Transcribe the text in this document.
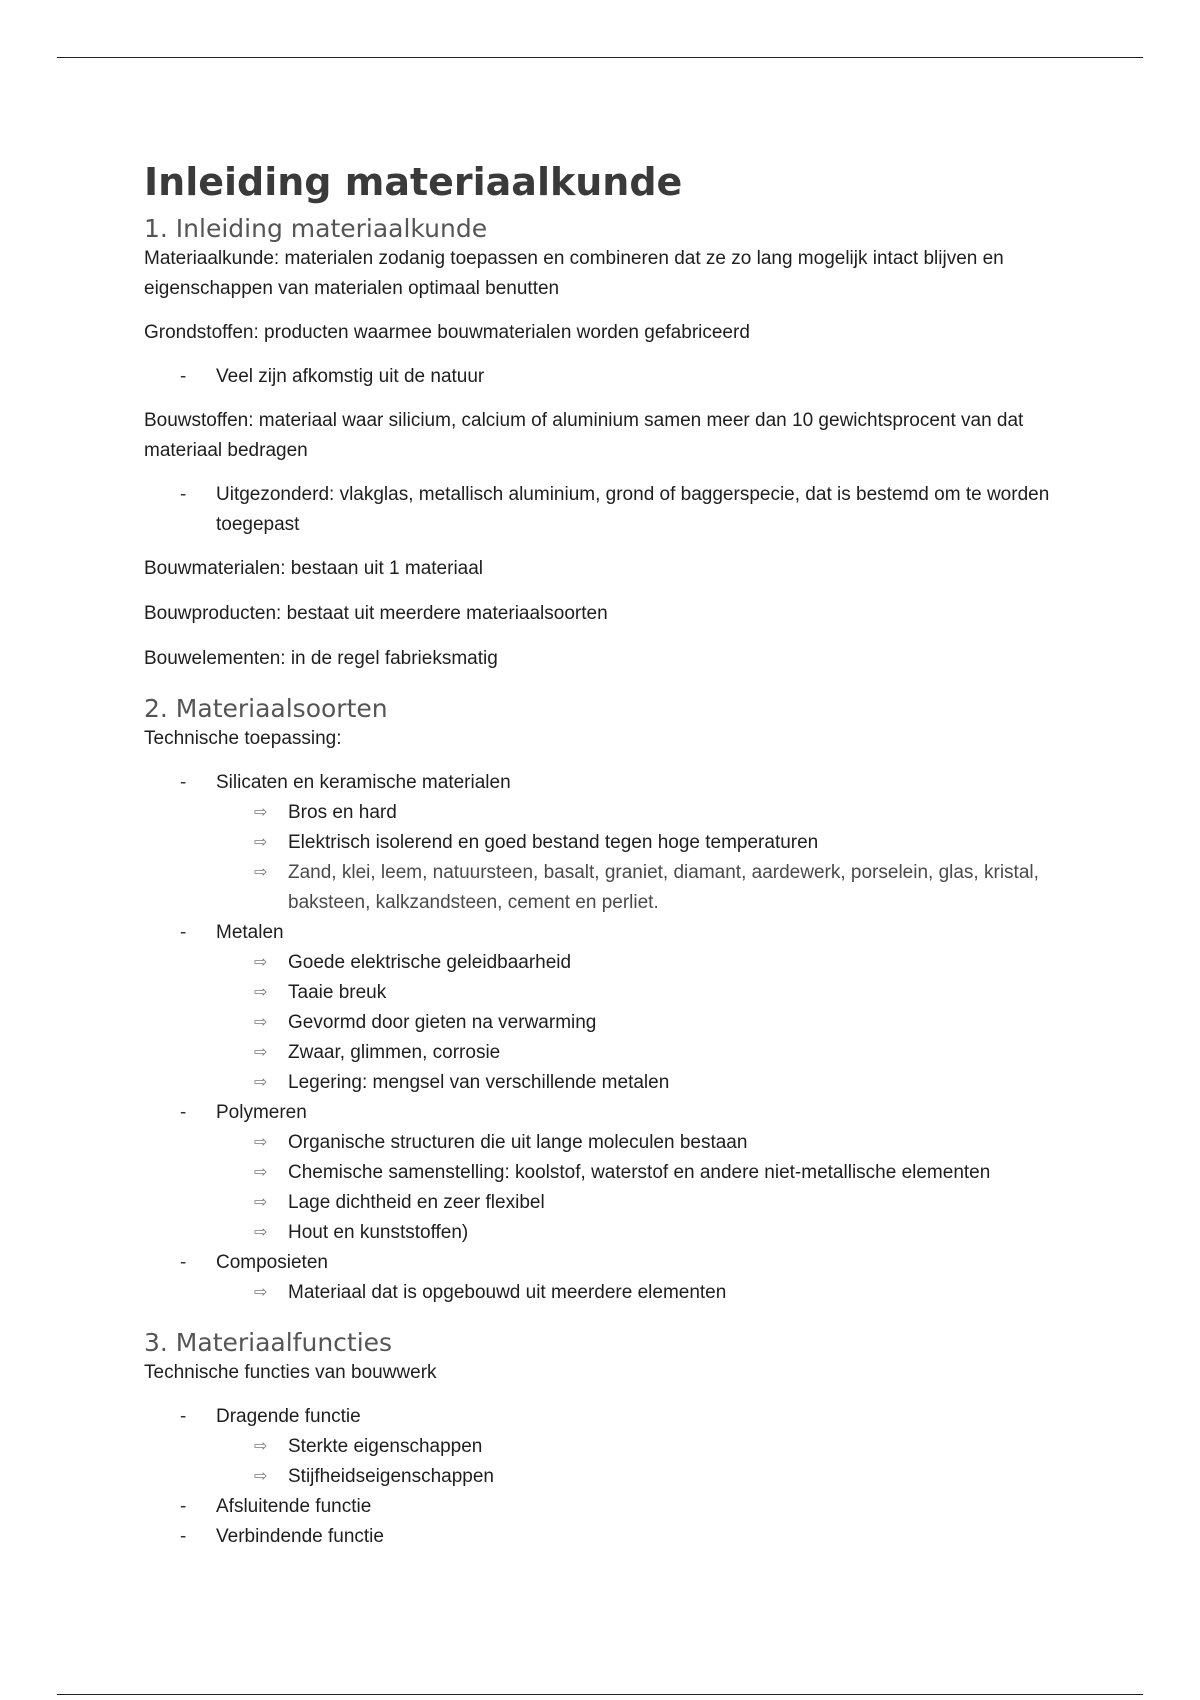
Inleiding materiaalkunde
1. Inleiding materiaalkunde

Materiaalkunde: materialen zodanig toepassen en combineren dat ze zo lang mogelijk intact blijven en eigenschappen van materialen optimaal benutten

Grondstoffen: producten waarmee bouwmaterialen worden gefabriceerd

- Veel zijn afkomstig uit de natuur

Bouwstoffen: materiaal waar silicium, calcium of aluminium samen meer dan 10 gewichtsprocent van dat materiaal bedragen

- Uitgezonderd: vlakglas, metallisch aluminium, grond of baggerspecie, dat is bestemd om te worden toegepast

Bouwmaterialen: bestaan uit 1 materiaal

Bouwproducten: bestaat uit meerdere materiaalsoorten

Bouwelementen: in de regel fabrieksmatig

2. Materiaalsoorten

Technische toepassing:

- Silicaten en keramische materialen
⇨ Bros en hard
⇨ Elektrisch isolerend en goed bestand tegen hoge temperaturen
⇨ Zand, klei, leem, natuursteen, basalt, graniet, diamant, aardewerk, porselein, glas, kristal, baksteen, kalkzandsteen, cement en perliet.
- Metalen
⇨ Goede elektrische geleidbaarheid
⇨ Taaie breuk
⇨ Gevormd door gieten na verwarming
⇨ Zwaar, glimmen, corrosie
⇨ Legering: mengsel van verschillende metalen
- Polymeren
⇨ Organische structuren die uit lange moleculen bestaan
⇨ Chemische samenstelling: koolstof, waterstof en andere niet-metallische elementen
⇨ Lage dichtheid en zeer flexibel
⇨ Hout en kunststoffen)
- Composieten
⇨ Materiaal dat is opgebouwd uit meerdere elementen
3. Materiaalfuncties

Technische functies van bouwwerk

- Dragende functie
⇨ Sterkte eigenschappen
⇨ Stijfheidseigenschappen
- Afsluitende functie
- Verbindende functie
